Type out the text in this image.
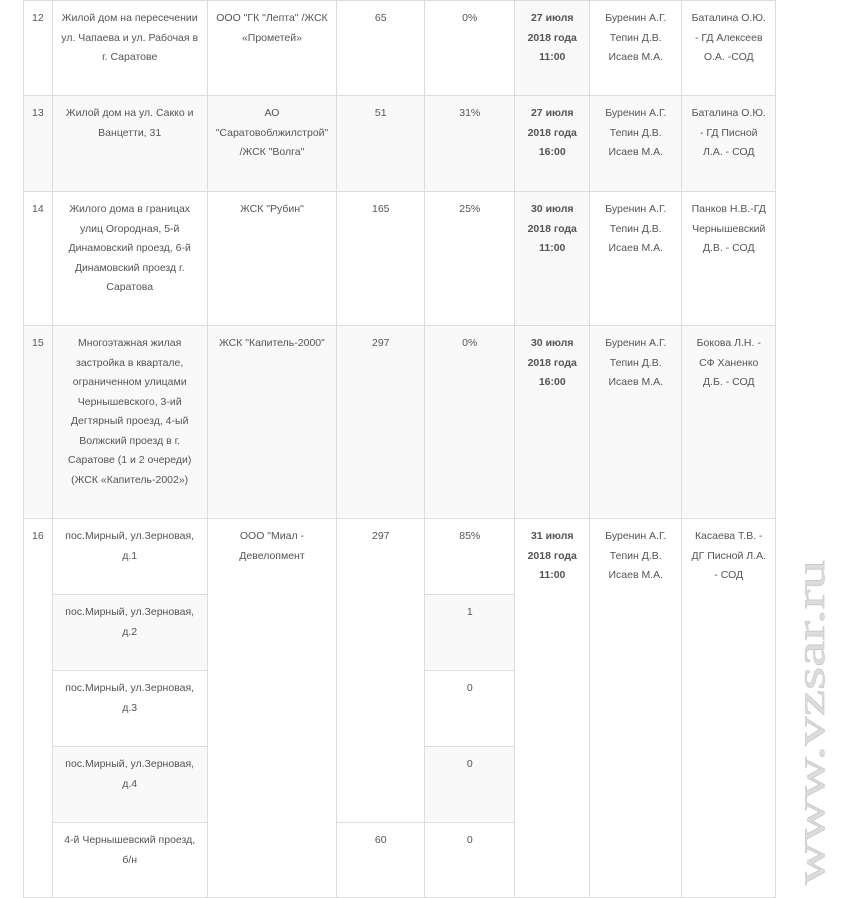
12	Жилой дом на пересечении ул. Чапаева и ул. Рабочая в г. Саратове	ООО "ГК "Лепта" /ЖСК «Прометей»	65	0%	27 июля 2018 года 11:00	Буренин А.Г. Тепин Д.В. Исаев М.А.	Баталина О.Ю. - ГД Алексеев О.А. -СОД
13	Жилой дом на ул. Сакко и Ванцетти, 31	АО "Саратовоблжилстрой" /ЖСК "Волга"	51	31%	27 июля 2018 года 16:00	Буренин А.Г. Тепин Д.В. Исаев М.А.	Баталина О.Ю. - ГД Писной Л.А. - СОД
14	Жилого дома в границах улиц Огородная, 5-й Динамовский проезд, 6-й Динамовский проезд г. Саратова	ЖСК "Рубин"	165	25%	30 июля 2018 года 11:00	Буренин А.Г. Тепин Д.В. Исаев М.А.	Панков Н.В.-ГД Чернышевский Д.В. - СОД
15	Многоэтажная жилая застройка в квартале, ограниченном улицами Чернышевского, 3-ий Дегтярный проезд, 4-ый Волжский проезд в г. Саратове (1 и 2 очереди) (ЖСК «Капитель-2002»)	ЖСК "Капитель-2000"	297	0%	30 июля 2018 года 16:00	Буренин А.Г. Тепин Д.В. Исаев М.А.	Бокова Л.Н. - СФ Ханенко Д.Б. - СОД
16	пос.Мирный, ул.Зерновая, д.1	ООО "Миал - Девелопмент	297	85%	31 июля 2018 года 11:00	Буренин А.Г. Тепин Д.В. Исаев М.А.	Касаева Т.В. - ДГ Писной Л.А. - СОД
	пос.Мирный, ул.Зерновая, д.2			1			
	пос.Мирный, ул.Зерновая, д.3			0			
	пос.Мирный, ул.Зерновая, д.4			0			
	4-й Чернышевский проезд, б/н		60	0				www.vzsar.ru
